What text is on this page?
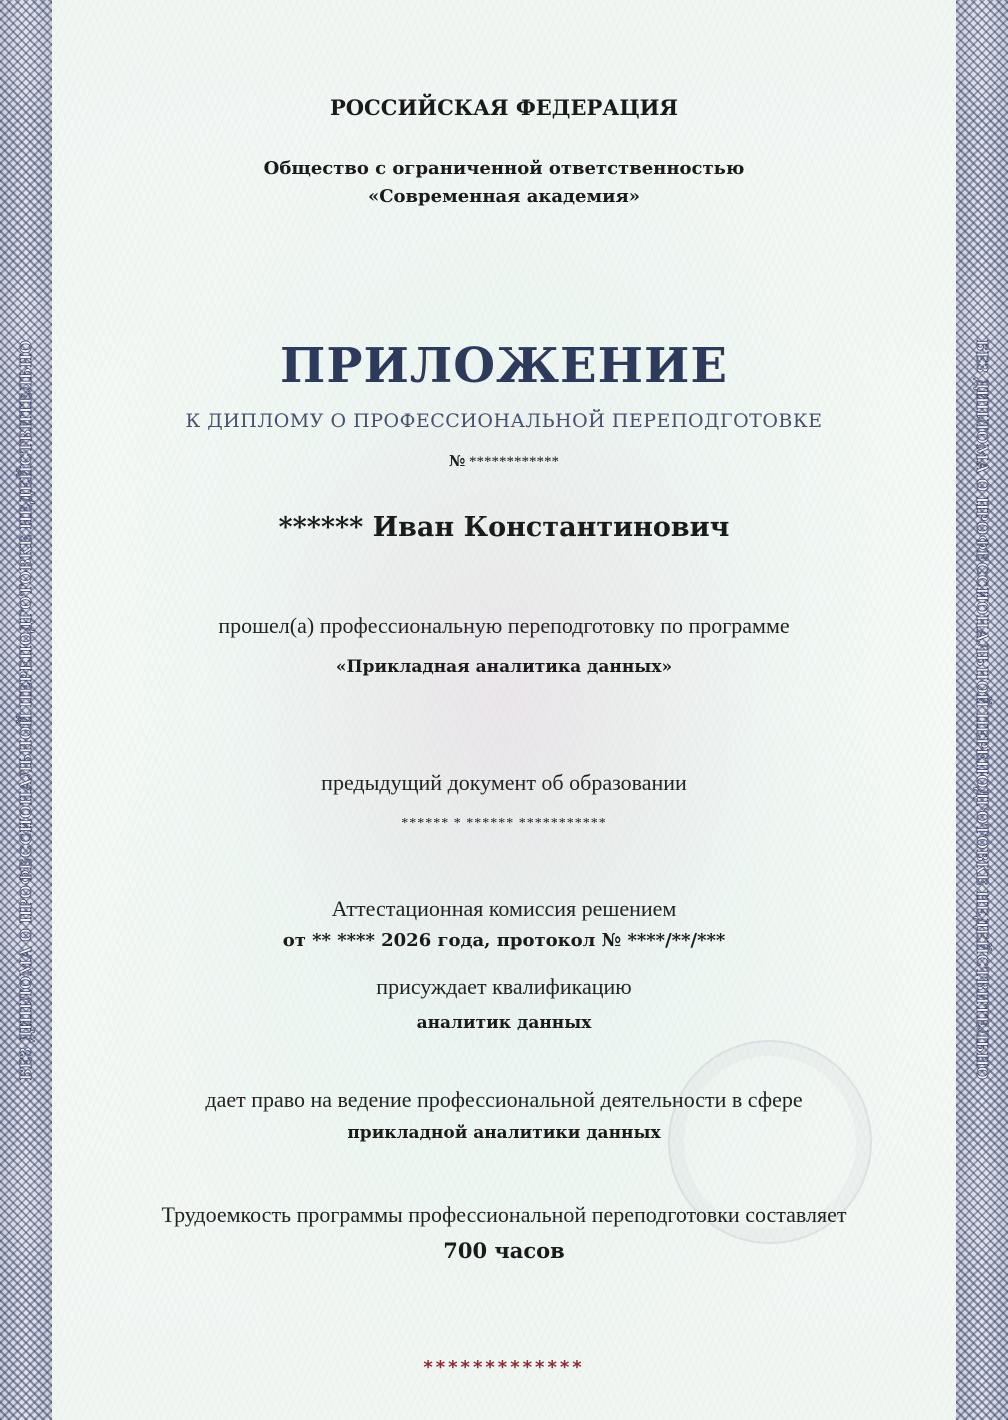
БЕЗ ДИПЛОМА О ПРОФЕССИОНАЛЬНОЙ ПЕРЕПОДГОТОВКЕ НЕДЕЙСТВИТЕЛЬНО	БЕЗ ДИПЛОМА О ПРОФЕССИОНАЛЬНОЙ ПЕРЕПОДГОТОВКЕ НЕДЕЙСТВИТЕЛЬНО
РОССИЙСКАЯ ФЕДЕРАЦИЯ
Общество с ограниченной ответственностью
«Современная академия»
ПРИЛОЖЕНИЕ
К ДИПЛОМУ О ПРОФЕССИОНАЛЬНОЙ ПЕРЕПОДГОТОВКЕ
№ ************
****** Иван Константинович
прошел(а) профессиональную переподготовку по программе
«Прикладная аналитика данных»
предыдущий документ об образовании
****** * ****** ***********
Аттестационная комиссия решением
от ** **** 2026 года, протокол № ****/**/***
присуждает квалификацию
аналитик данных
дает право на ведение профессиональной деятельности в сфере
прикладной аналитики данных
Трудоемкость программы профессиональной переподготовки составляет
700 часов
*************
